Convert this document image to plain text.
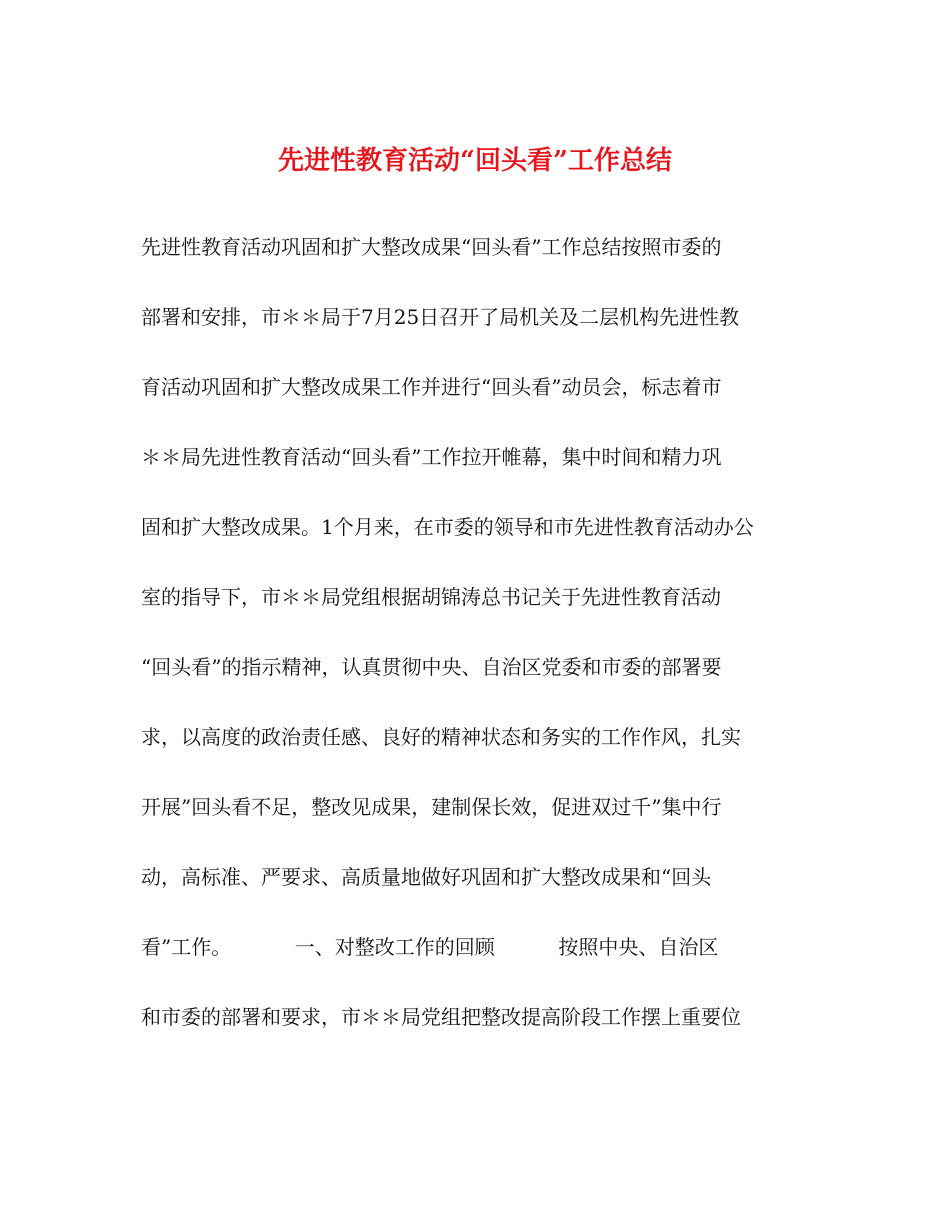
先进性教育活动“回头看”工作总结
先进性教育活动巩固和扩大整改成果“回头看”工作总结按照市委的
部署和安排，市＊＊局于7月25日召开了局机关及二层机构先进性教
育活动巩固和扩大整改成果工作并进行“回头看”动员会，标志着市
＊＊局先进性教育活动“回头看”工作拉开帷幕，集中时间和精力巩
固和扩大整改成果。1个月来，在市委的领导和市先进性教育活动办公
室的指导下，市＊＊局党组根据胡锦涛总书记关于先进性教育活动
“回头看”的指示精神，认真贯彻中央、自治区党委和市委的部署要
求，以高度的政治责任感、良好的精神状态和务实的工作作风，扎实
开展”回头看不足，整改见成果，建制保长效，促进双过千”集中行
动，高标准、严要求、高质量地做好巩固和扩大整改成果和“回头
看”工作。          一、对整改工作的回顾          按照中央、自治区
和市委的部署和要求，市＊＊局党组把整改提高阶段工作摆上重要位
